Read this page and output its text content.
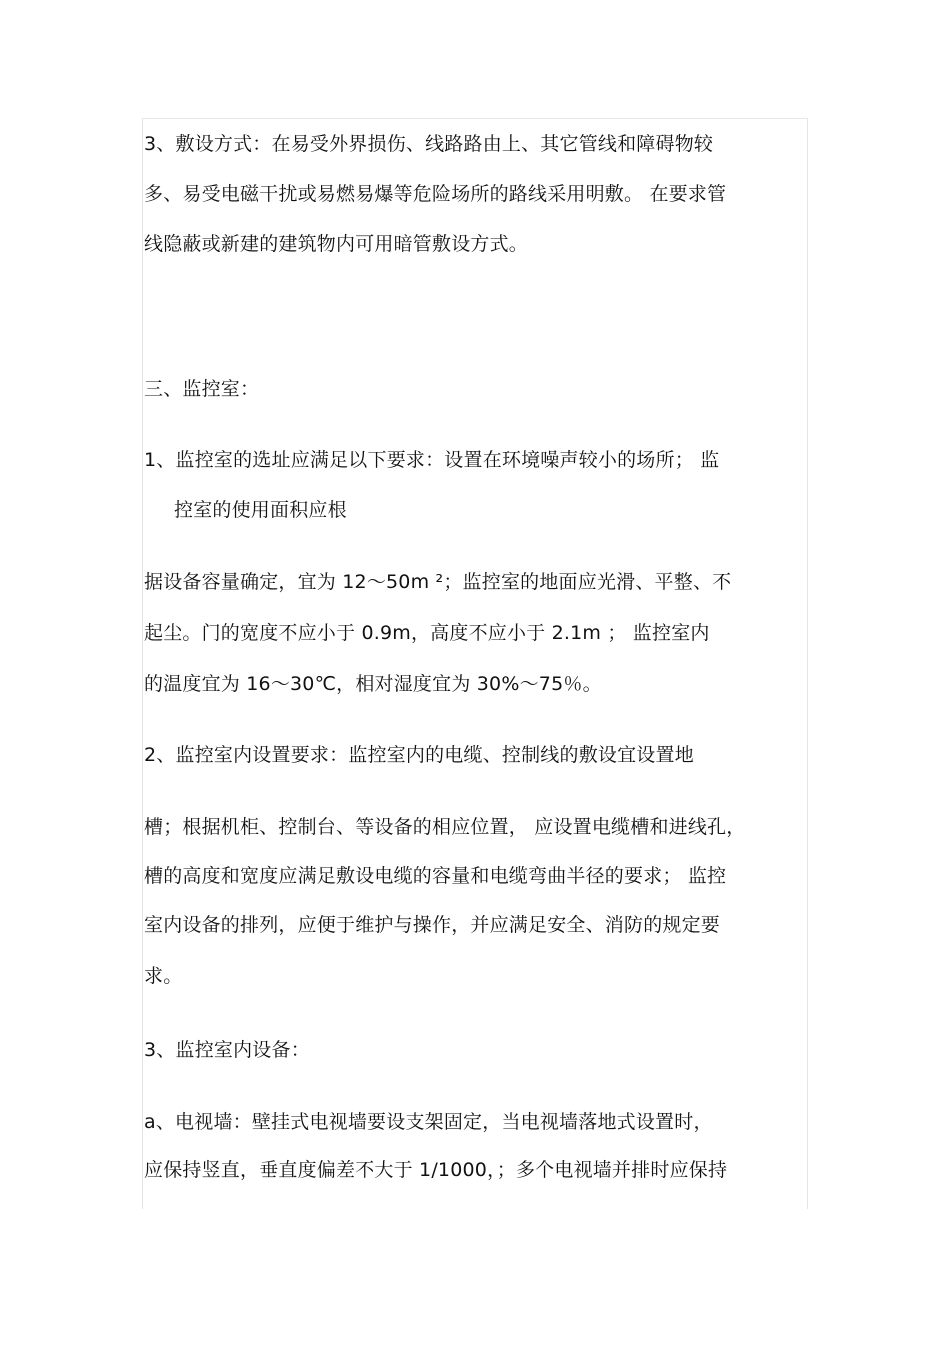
3、敷设方式：在易受外界损伤、线路路由上、其它管线和障碍物较
多、易受电磁干扰或易燃易爆等危险场所的路线采用明敷。 在要求管
线隐蔽或新建的建筑物内可用暗管敷设方式。
三、监控室：
1、监控室的选址应满足以下要求：设置在环境噪声较小的场所； 监
控室的使用面积应根
据设备容量确定，宜为 12～50m ²；监控室的地面应光滑、平整、不
起尘。门的宽度不应小于 0.9m，高度不应小于 2.1m ； 监控室内
的温度宜为 16～30℃，相对湿度宜为 30%～75％。
2、监控室内设置要求：监控室内的电缆、控制线的敷设宜设置地
槽；根据机柜、控制台、等设备的相应位置， 应设置电缆槽和进线孔，
槽的高度和宽度应满足敷设电缆的容量和电缆弯曲半径的要求； 监控
室内设备的排列，应便于维护与操作，并应满足安全、消防的规定要
求。
3、监控室内设备：
a、电视墙：壁挂式电视墙要设支架固定，当电视墙落地式设置时，
应保持竖直，垂直度偏差不大于 1/1000，；多个电视墙并排时应保持
